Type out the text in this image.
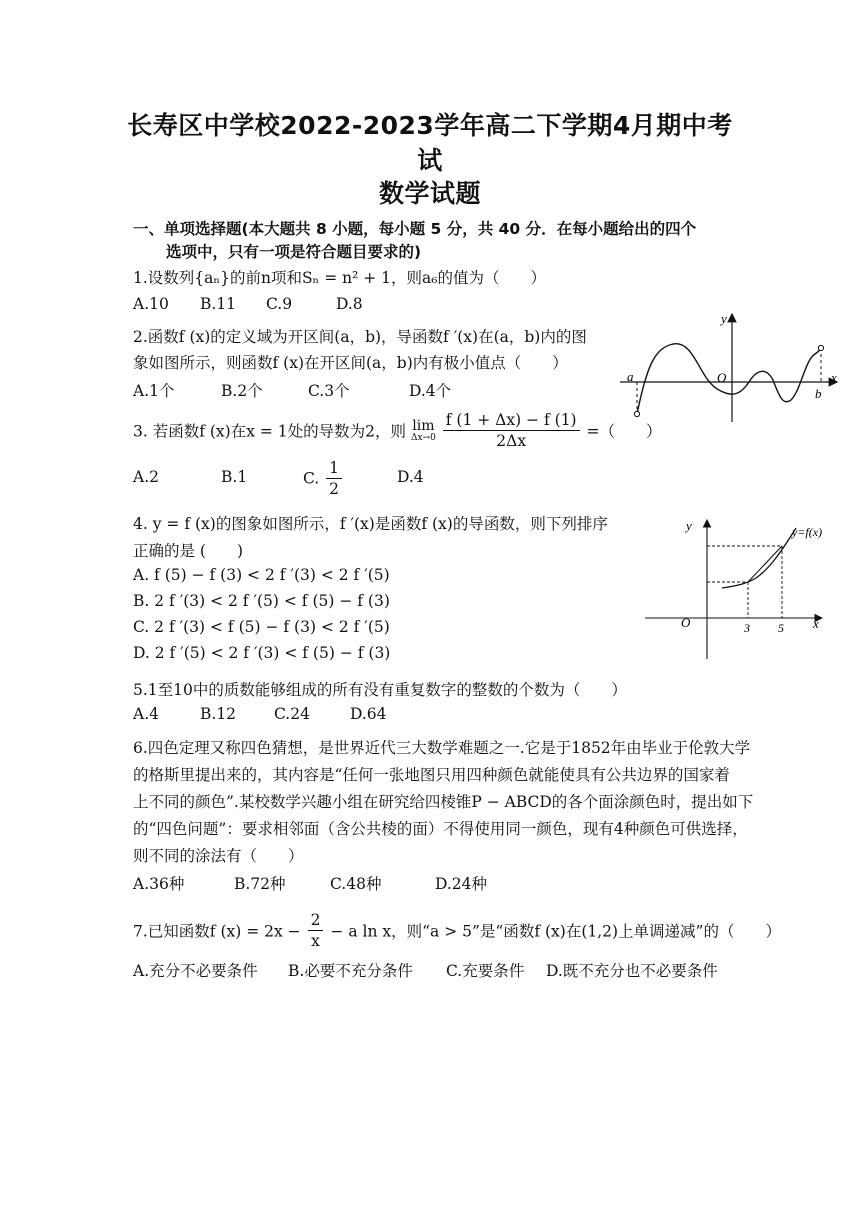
长寿区中学校2022-2023学年高二下学期4月期中考
试
数学试题
一、单项选择题(本大题共 8 小题，每小题 5 分，共 40 分．在每小题给出的四个
选项中，只有一项是符合题目要求的)
1.设数列{aₙ}的前n项和Sₙ = n² + 1，则a₆的值为（　　）
A.10 B.11 C.9	D.8
2.函数f (x)的定义域为开区间(a，b)，导函数f ′(x)在(a，b)内的图
象如图所示，则函数f (x)在开区间(a，b)内有极小值点（　　）
A.1个	B.2个	C.3个	D.4个
y
x
a
b
O
3. 若函数f (x)在x = 1处的导数为2，则 lim
Δx→0
$\frac{f (1 + \Delta x) - f (1)}{2\Delta x}$ =（　　）
A.2	B.1	C. $\frac{1}{2}$	D.4
4. y = f (x)的图象如图所示，f ′(x)是函数f (x)的导函数，则下列排序
正确的是 (　　)
A. f (5) − f (3) < 2 f ′(3) < 2 f ′(5)
B. 2 f ′(3) < 2 f ′(5) < f (5) − f (3)
C. 2 f ′(3) < f (5) − f (3) < 2 f ′(5)
D. 2 f ′(5) < 2 f ′(3) < f (5) − f (3)
y
x
O	3 5
y=f(x)
5.1至10中的质数能够组成的所有没有重复数字的整数的个数为（　　）
A.4	B.12 C.24	D.64
6.四色定理又称四色猜想，是世界近代三大数学难题之一.它是于1852年由毕业于伦敦大学
的格斯里提出来的，其内容是“任何一张地图只用四种颜色就能使具有公共边界的国家着
上不同的颜色”.某校数学兴趣小组在研究给四棱锥P − ABCD的各个面涂颜色时，提出如下
的“四色问题”：要求相邻面（含公共棱的面）不得使用同一颜色，现有4种颜色可供选择，
则不同的涂法有（　　）
A.36种	B.72种	C.48种	D.24种
7.已知函数f $(x) = 2x - \frac{2}{x} - a$ ln x，则“a > 5”是“函数f (x)在(1,2)上单调递减”的（　　）
A.充分不必要条件 B.必要不充分条件 C.充要条件 D.既不充分也不必要条件
